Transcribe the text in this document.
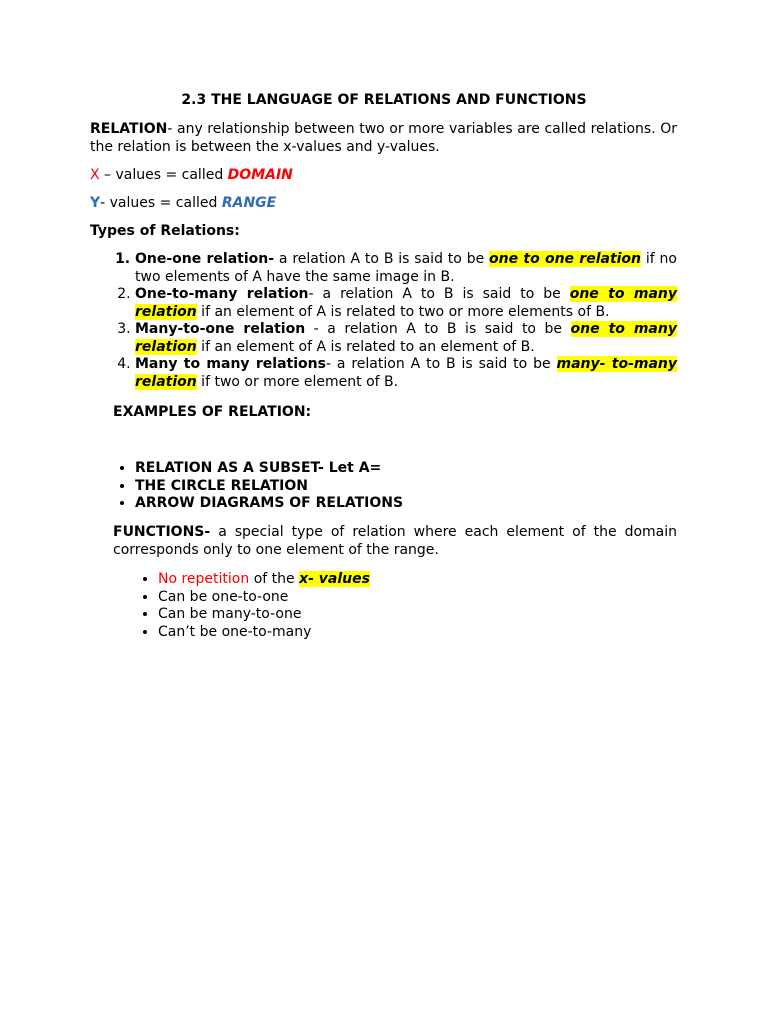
2.3 THE LANGUAGE OF RELATIONS AND FUNCTIONS
RELATION- any relationship between two or more variables are called relations. Or the relation is between the x-values and y-values.
X – values = called DOMAIN
Y- values = called RANGE
Types of Relations:
1. One-one relation- a relation A to B is said to be one to one relation if no two elements of A have the same image in B.
2. One-to-many relation- a relation A to B is said to be one to many relation if an element of A is related to two or more elements of B.
3. Many-to-one relation - a relation A to B is said to be one to many relation if an element of A is related to an element of B.
4. Many to many relations- a relation A to B is said to be many- to-many relation if two or more element of B.
EXAMPLES OF RELATION:
• RELATION AS A SUBSET- Let A=
• THE CIRCLE RELATION
• ARROW DIAGRAMS OF RELATIONS
FUNCTIONS- a special type of relation where each element of the domain corresponds only to one element of the range.
• No repetition of the x- values
• Can be one-to-one
• Can be many-to-one
• Can’t be one-to-many
